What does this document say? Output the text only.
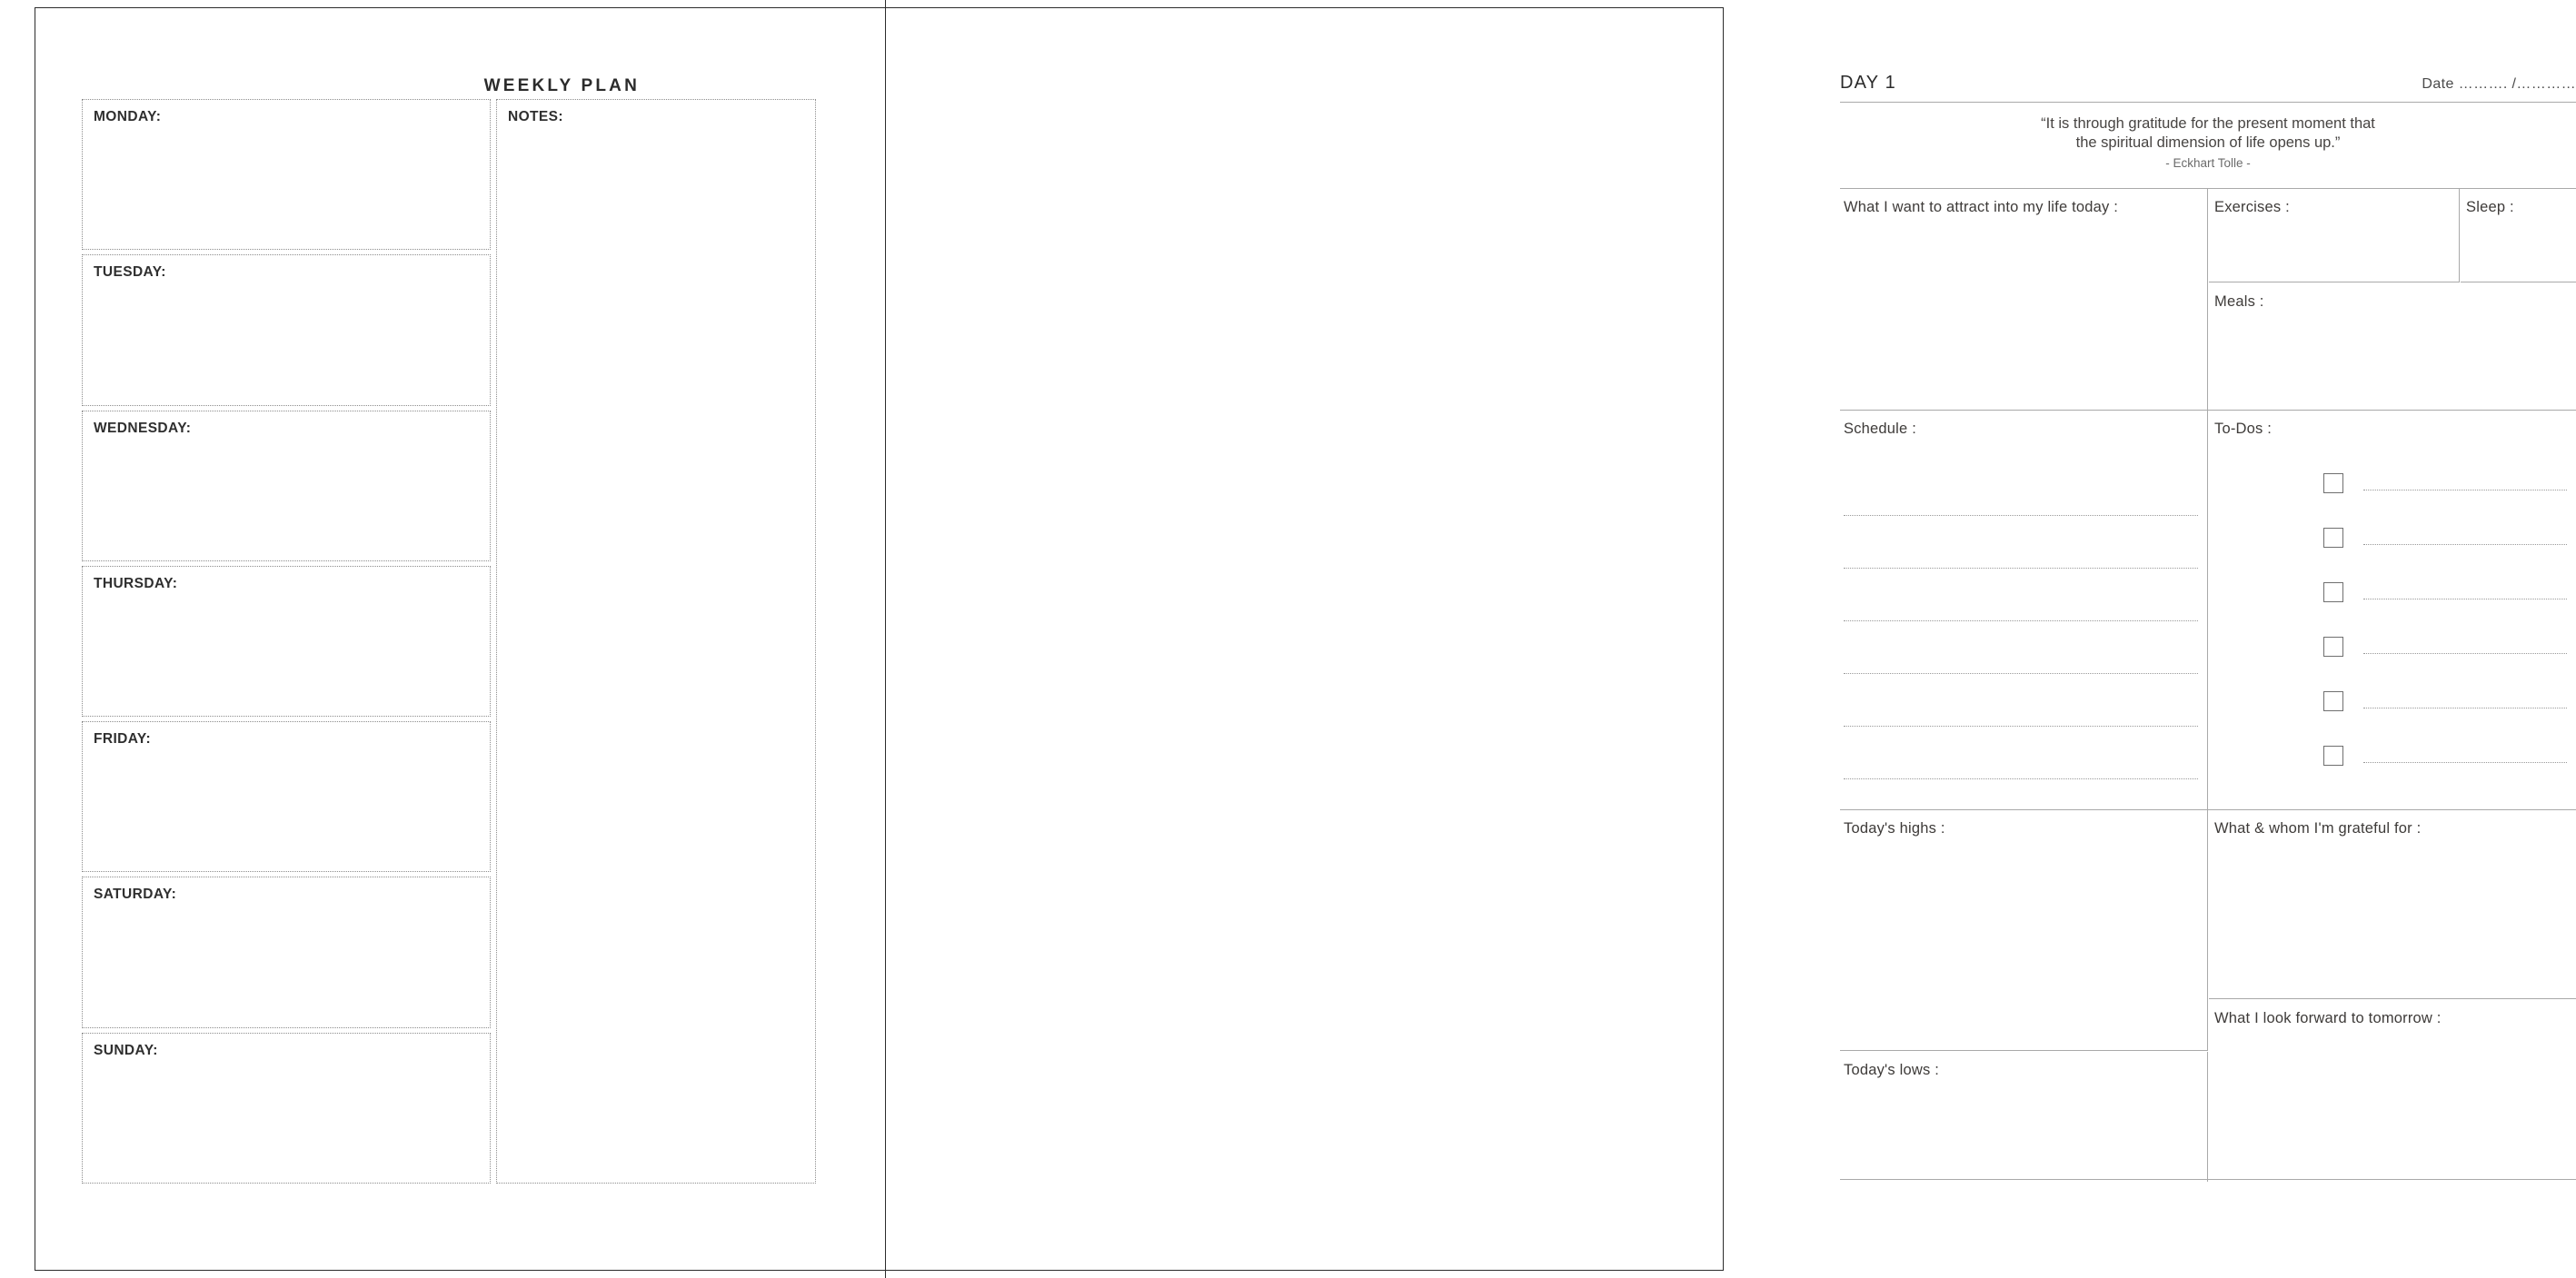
WEEKLY PLAN
MONDAY:
TUESDAY:
WEDNESDAY:
THURSDAY:
FRIDAY:
SATURDAY:
SUNDAY:
NOTES:
DAY 1	Date ………. /…………
“It is through gratitude for the present moment that
the spiritual dimension of life opens up.”
- Eckhart Tolle -
What I want to attract into my life today :	Exercises :	Sleep :
Meals :
Schedule :	To-Dos :
Today's highs :
Today's lows :
What & whom I'm grateful for :
What I look forward to tomorrow :
